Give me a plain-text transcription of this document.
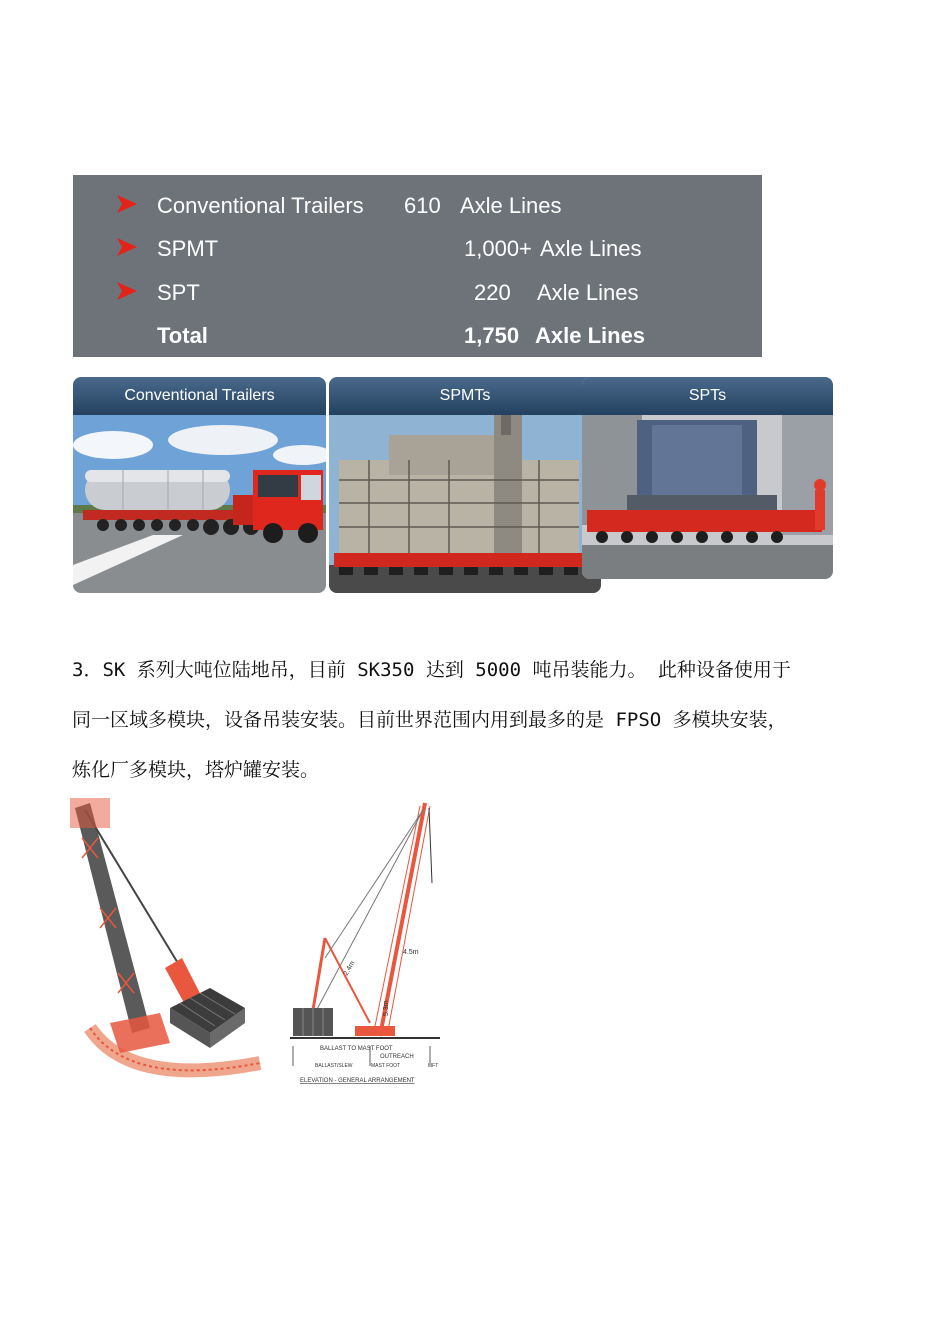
Conventional Trailers 610 Axle Lines
SPMT	1,000+ Axle Lines
SPT	220 Axle Lines
Total	1,750 Axle Lines
Conventional Trailers	SPMTs	SPTs
3．SK 系列大吨位陆地吊，目前 SK350 达到 5000 吨吊装能力。 此种设备使用于
同一区域多模块，设备吊装安装。目前世界范围内用到最多的是 FPSO 多模块安装，
炼化厂多模块，塔炉罐安装。
4.5m
2.4m
5.3m
BALLAST TO MAST FOOT
OUTREACH
BALLAST/SLEW	MAST FOOT	LIFT
ELEVATION - GENERAL ARRANGEMENT
